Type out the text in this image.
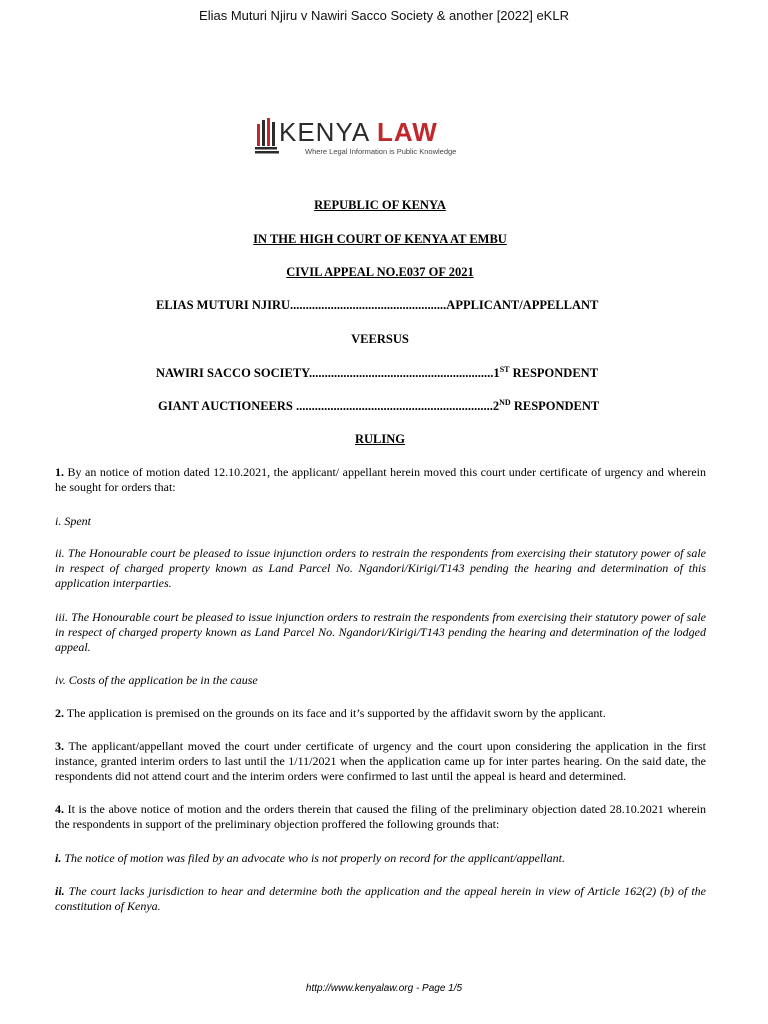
Elias Muturi Njiru v Nawiri Sacco Society & another [2022] eKLR
KENYA LAW
Where Legal Information is Public Knowledge
REPUBLIC OF KENYA
IN THE HIGH COURT OF KENYA AT EMBU
CIVIL APPEAL NO.E037 OF 2021
ELIAS MUTURI NJIRU..................................................APPLICANT/APPELLANT
VEERSUS
NAWIRI SACCO SOCIETY...........................................................1ST RESPONDENT
GIANT AUCTIONEERS ...............................................................2ND RESPONDENT
RULING
1. By an notice of motion dated 12.10.2021, the applicant/ appellant herein moved this court under certificate of urgency and wherein he sought for orders that:
i. Spent
ii. The Honourable court be pleased to issue injunction orders to restrain the respondents from exercising their statutory power of sale in respect of charged property known as Land Parcel No. Ngandori/Kirigi/T143 pending the hearing and determination of this application interparties.
iii. The Honourable court be pleased to issue injunction orders to restrain the respondents from exercising their statutory power of sale in respect of charged property known as Land Parcel No. Ngandori/Kirigi/T143 pending the hearing and determination of the lodged appeal.
iv. Costs of the application be in the cause
2. The application is premised on the grounds on its face and it’s supported by the affidavit sworn by the applicant.
3. The applicant/appellant moved the court under certificate of urgency and the court upon considering the application in the first instance, granted interim orders to last until the 1/11/2021 when the application came up for inter partes hearing. On the said date, the respondents did not attend court and the interim orders were confirmed to last until the appeal is heard and determined.
4. It is the above notice of motion and the orders therein that caused the filing of the preliminary objection dated 28.10.2021 wherein the respondents in support of the preliminary objection proffered the following grounds that:
i. The notice of motion was filed by an advocate who is not properly on record for the applicant/appellant.
ii. The court lacks jurisdiction to hear and determine both the application and the appeal herein in view of Article 162(2) (b) of the constitution of Kenya.
http://www.kenyalaw.org - Page 1/5
